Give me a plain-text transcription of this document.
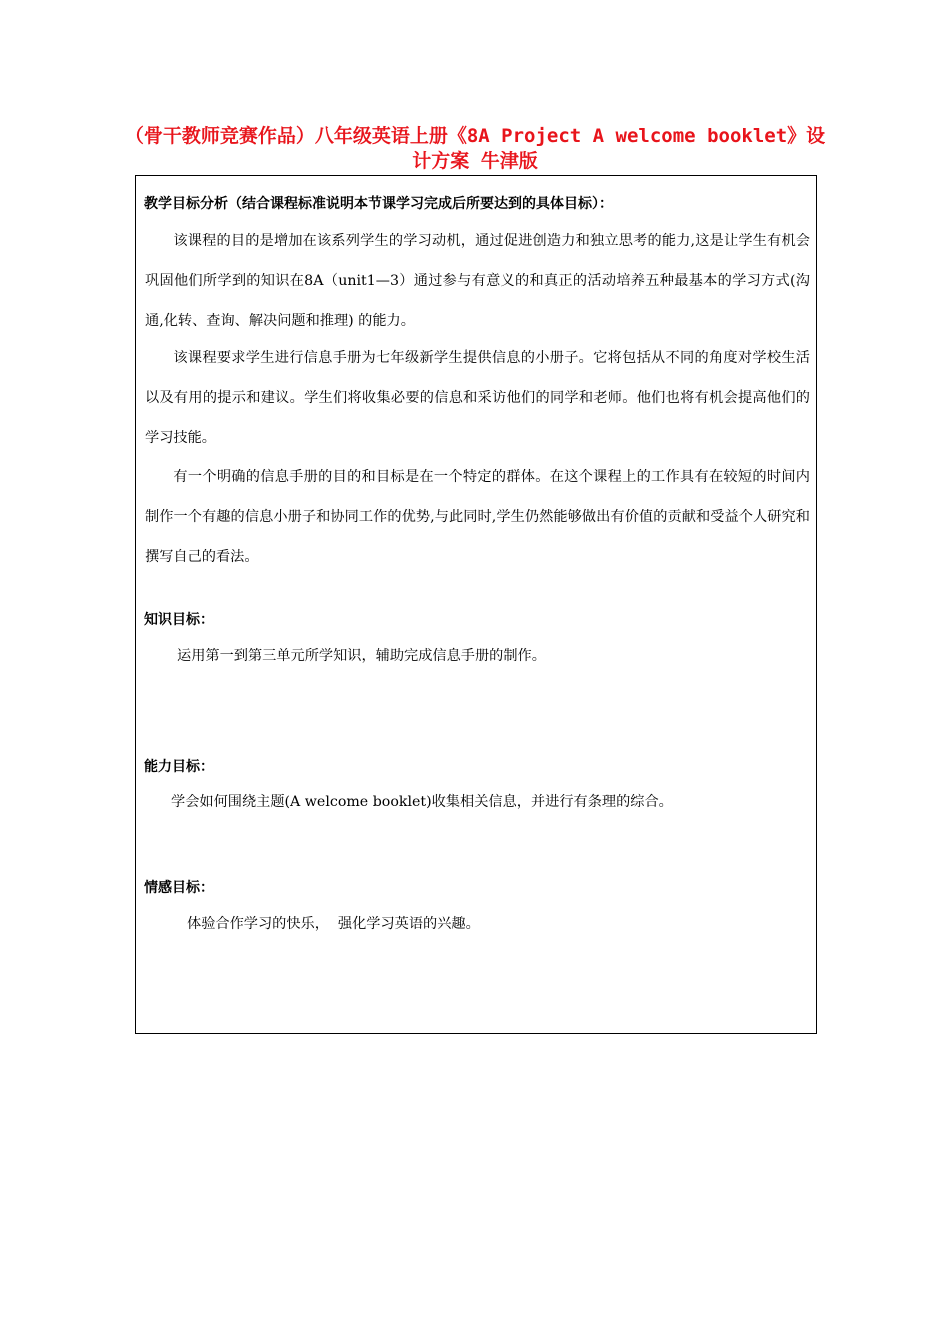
（骨干教师竞赛作品）八年级英语上册《8A Project A welcome booklet》设计方案 牛津版
教学目标分析（结合课程标准说明本节课学习完成后所要达到的具体目标）：

该课程的目的是增加在该系列学生的学习动机，通过促进创造力和独立思考的能力,这是让学生有机会巩固他们所学到的知识在8A（unit1—3）通过参与有意义的和真正的活动培养五种最基本的学习方式(沟通,化转、查询、解决问题和推理) 的能力。

该课程要求学生进行信息手册为七年级新学生提供信息的小册子。它将包括从不同的角度对学校生活以及有用的提示和建议。学生们将收集必要的信息和采访他们的同学和老师。他们也将有机会提高他们的学习技能。

有一个明确的信息手册的目的和目标是在一个特定的群体。在这个课程上的工作具有在较短的时间内制作一个有趣的信息小册子和协同工作的优势,与此同时,学生仍然能够做出有价值的贡献和受益个人研究和撰写自己的看法。

知识目标：
运用第一到第三单元所学知识，辅助完成信息手册的制作。
能力目标：
学会如何围绕主题(A welcome booklet)收集相关信息，并进行有条理的综合。
情感目标：
体验合作学习的快乐，  强化学习英语的兴趣。
